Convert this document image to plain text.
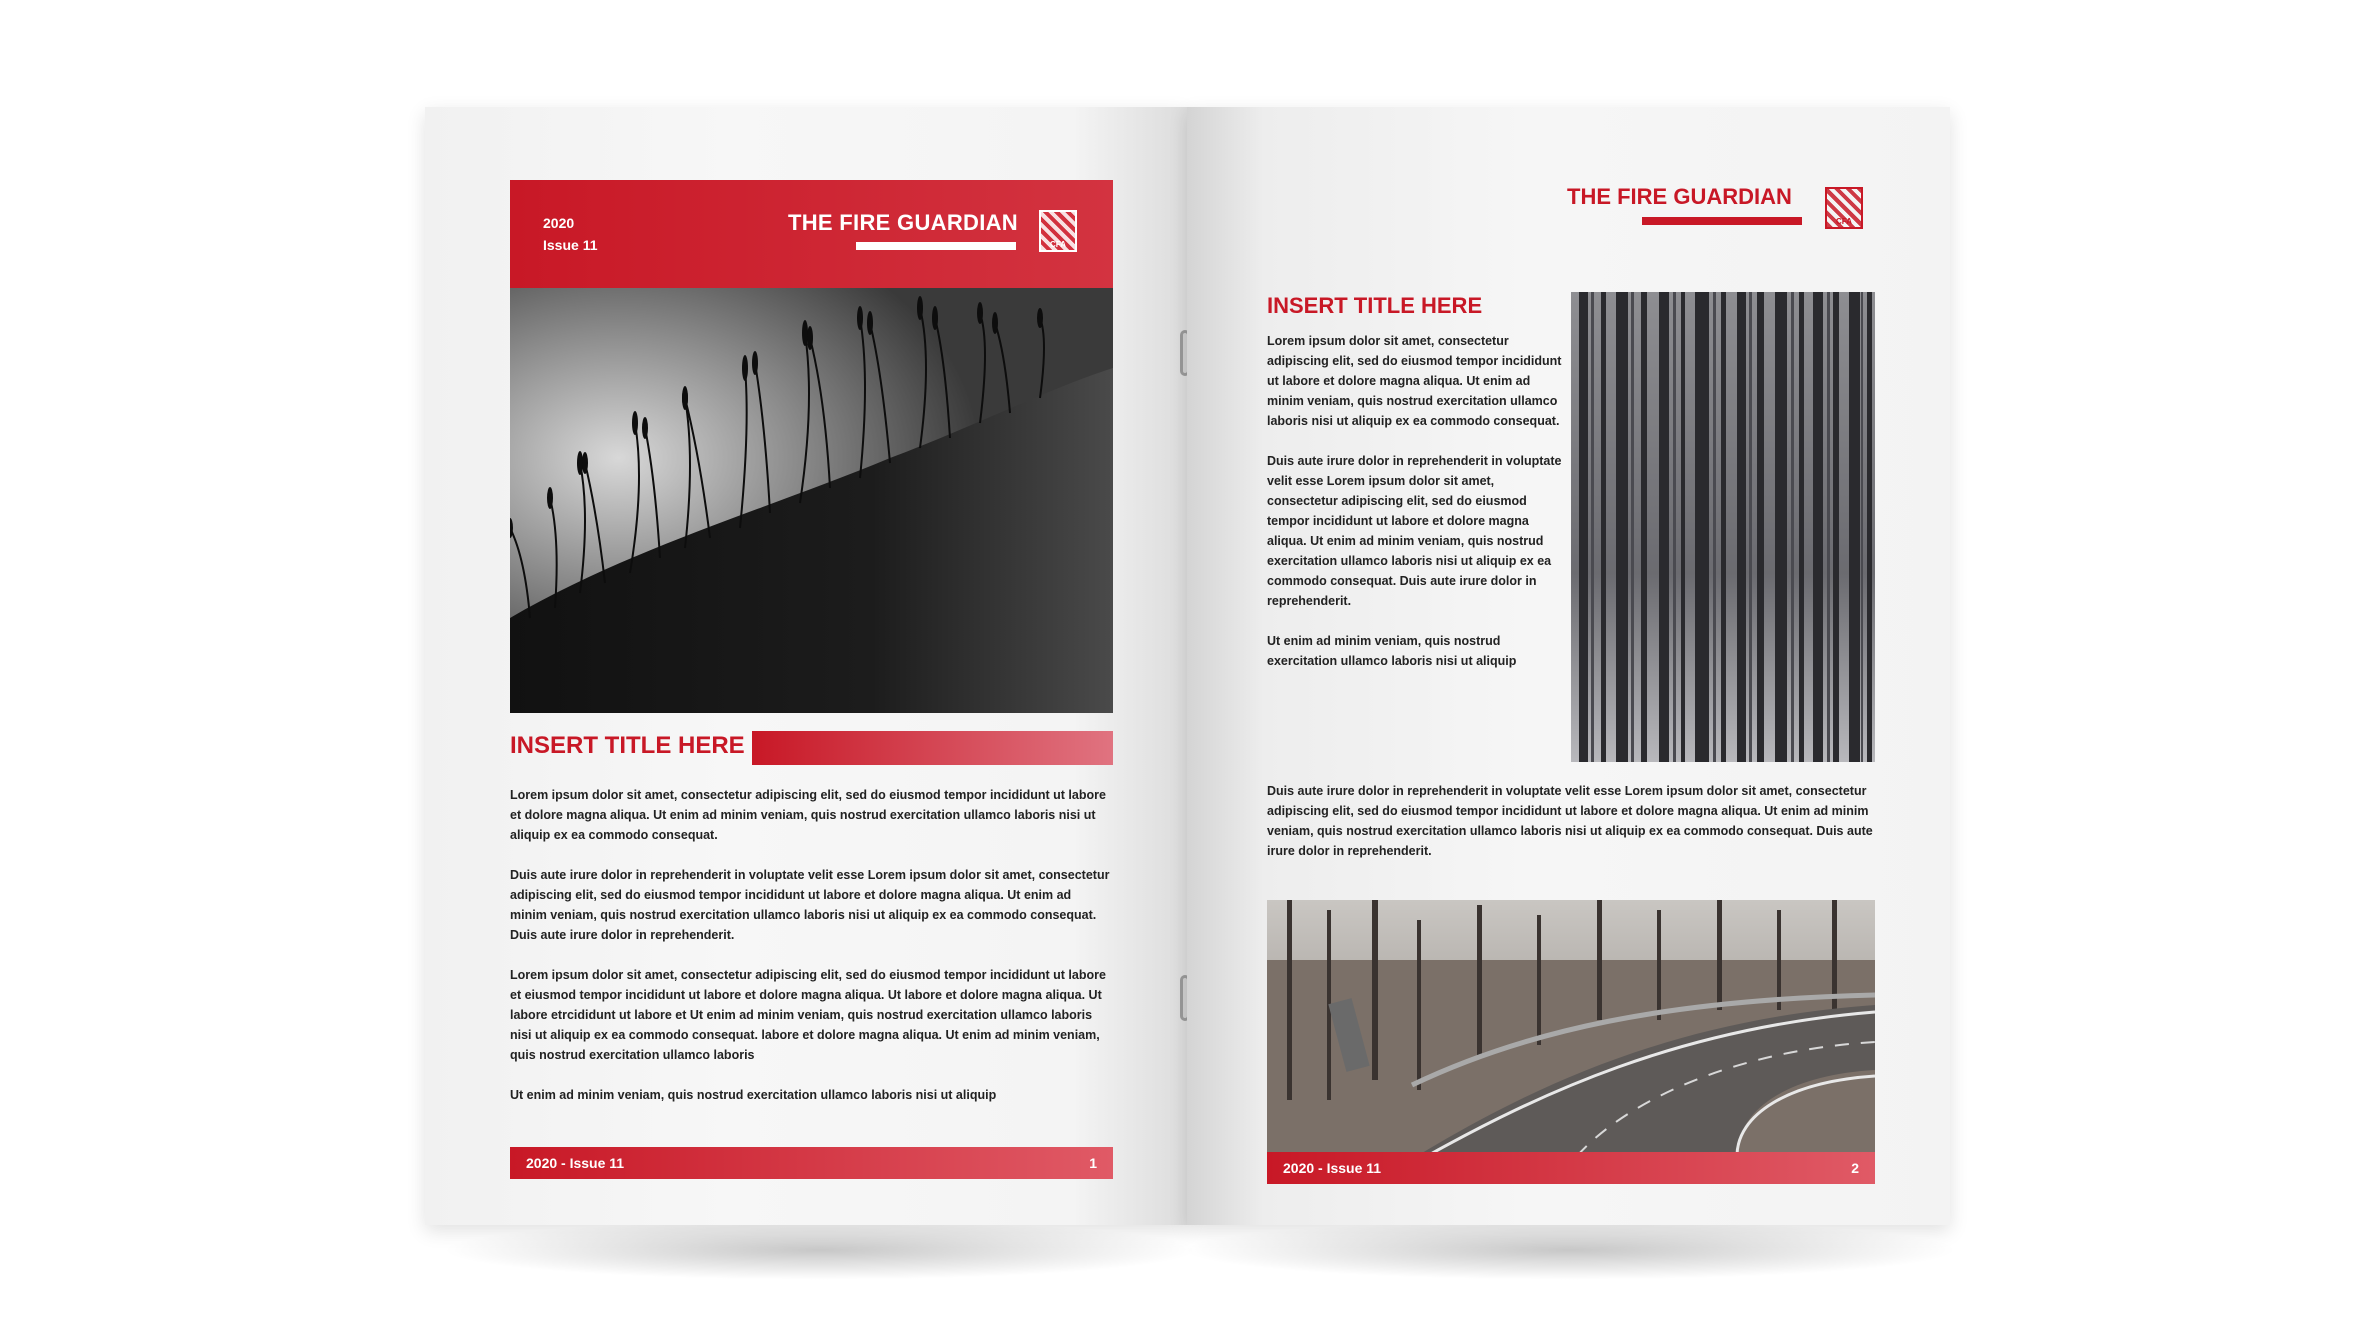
2020
Issue 11
THE FIRE GUARDIAN
CFA
INSERT TITLE HERE

Lorem ipsum dolor sit amet, consectetur adipiscing elit, sed do eiusmod tempor incididunt ut labore et dolore magna aliqua. Ut enim ad minim veniam, quis nostrud exercitation ullamco laboris nisi ut aliquip ex ea commodo consequat.

Duis aute irure dolor in reprehenderit in voluptate velit esse Lorem ipsum dolor sit amet, consectetur adipiscing elit, sed do eiusmod tempor incididunt ut labore et dolore magna aliqua. Ut enim ad minim veniam, quis nostrud exercitation ullamco laboris nisi ut aliquip ex ea commodo consequat. Duis aute irure dolor in reprehenderit.

Lorem ipsum dolor sit amet, consectetur adipiscing elit, sed do eiusmod tempor incididunt ut labore et eiusmod tempor incididunt ut labore et dolore magna aliqua. Ut labore et dolore magna aliqua. Ut labore etrcididunt ut labore et Ut enim ad minim veniam, quis nostrud exercitation ullamco laboris nisi ut aliquip ex ea commodo consequat. labore et dolore magna aliqua. Ut enim ad minim veniam, quis nostrud exercitation ullamco laboris

Ut enim ad minim veniam, quis nostrud exercitation ullamco laboris nisi ut aliquip

2020 - Issue 11	1
THE FIRE GUARDIAN
CFA
INSERT TITLE HERE

Lorem ipsum dolor sit amet, consectetur adipiscing elit, sed do eiusmod tempor incididunt ut labore et dolore magna aliqua. Ut enim ad minim veniam, quis nostrud exercitation ullamco laboris nisi ut aliquip ex ea commodo consequat.

Duis aute irure dolor in reprehenderit in voluptate velit esse Lorem ipsum dolor sit amet, consectetur adipiscing elit, sed do eiusmod tempor incididunt ut labore et dolore magna aliqua. Ut enim ad minim veniam, quis nostrud exercitation ullamco laboris nisi ut aliquip ex ea commodo consequat. Duis aute irure dolor in reprehenderit.

Ut enim ad minim veniam, quis nostrud exercitation ullamco laboris nisi ut aliquip

Duis aute irure dolor in reprehenderit in voluptate velit esse Lorem ipsum dolor sit amet, consectetur adipiscing elit, sed do eiusmod tempor incididunt ut labore et dolore magna aliqua. Ut enim ad minim veniam, quis nostrud exercitation ullamco laboris nisi ut aliquip ex ea commodo consequat. Duis aute irure dolor in reprehenderit.
2020 - Issue 11	2
